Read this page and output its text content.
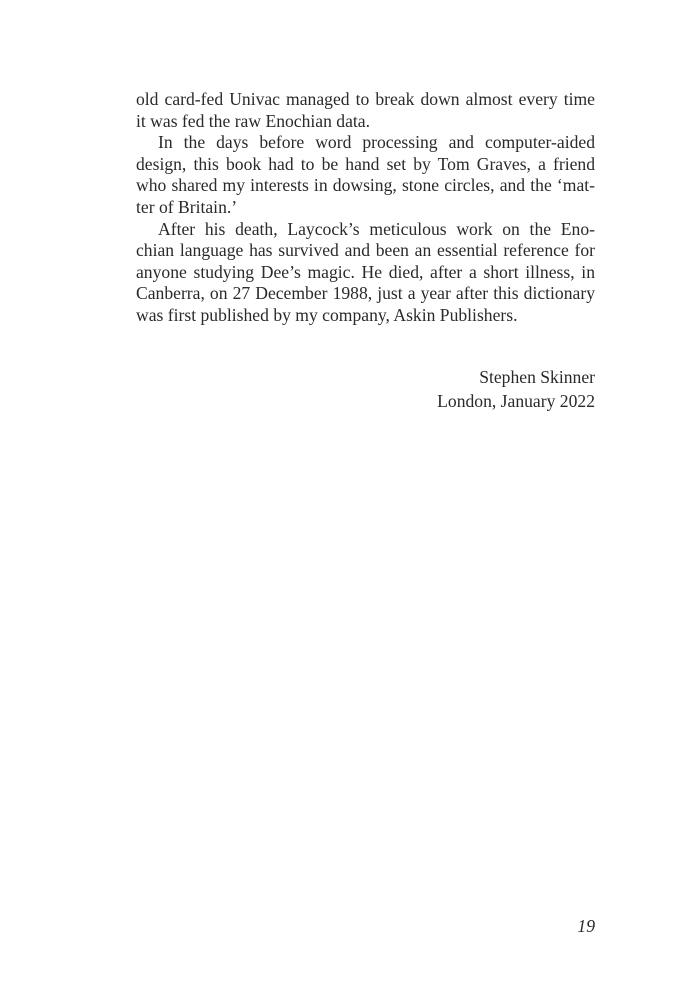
old card-fed Univac managed to break down almost every time
it was fed the raw Enochian data.
In the days before word processing and computer-aided
design, this book had to be hand set by Tom Graves, a friend
who shared my interests in dowsing, stone circles, and the ‘mat-
ter of Britain.’
After his death, Laycock’s meticulous work on the Eno-
chian language has survived and been an essential reference for
anyone studying Dee’s magic. He died, after a short illness, in
Canberra, on 27 December 1988, just a year after this dictionary
was first published by my company, Askin Publishers.
Stephen Skinner
London, January 2022
19
